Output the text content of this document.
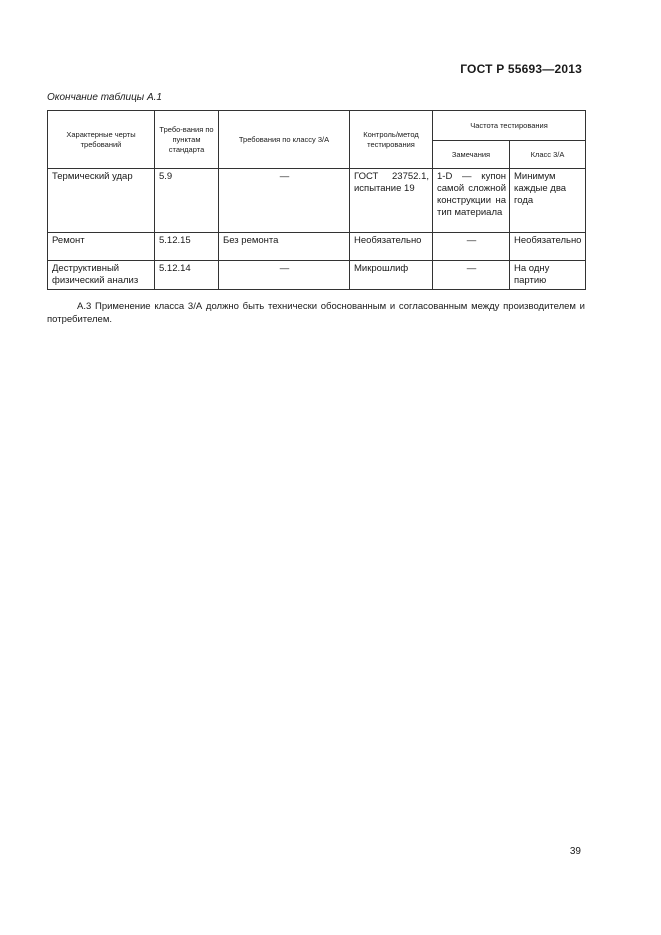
ГОСТ Р 55693—2013
Окончание таблицы А.1
Характерные черты требований	Требо-вания по пунктам стандарта	Требования по классу 3/А	Контроль/метод тестирования	Частота тестирования	
				Замечания	Класс 3/А
Термический удар	5.9	—	ГОСТ 23752.1, испытание 19	1-D — купон самой сложной конструкции на тип материала	Минимум каждые два года
Ремонт	5.12.15	Без ремонта	Необязательно	—	Необязательно
Деструктивный физический анализ	5.12.14	—	Микрошлиф	—	На одну партию

А.3 Применение класса 3/А должно быть технически обоснованным и согласованным между производителем и потребителем.

39
